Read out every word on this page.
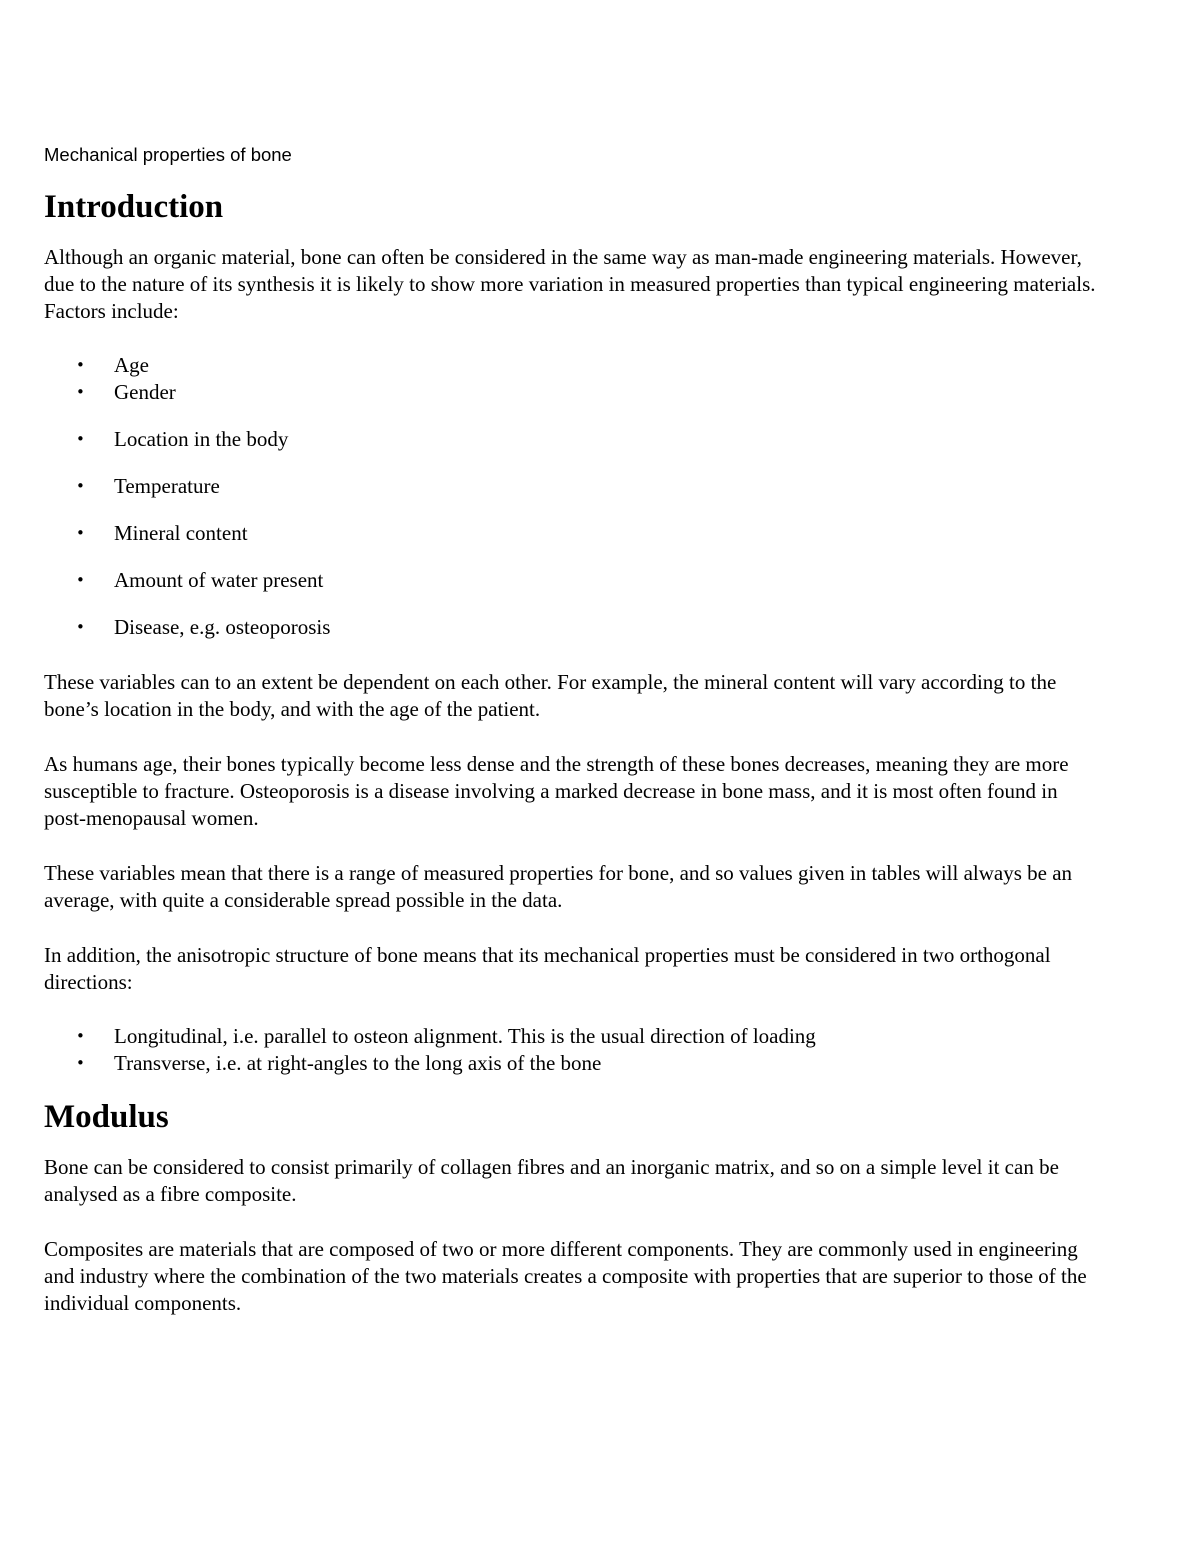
Mechanical properties of bone

Introduction

Although an organic material, bone can often be considered in the same way as man-made engineering materials. However, due to the nature of its synthesis it is likely to show more variation in measured properties than typical engineering materials. Factors include:

• Age
• Gender
• Location in the body
• Temperature
• Mineral content
• Amount of water present
• Disease, e.g. osteoporosis

These variables can to an extent be dependent on each other. For example, the mineral content will vary according to the bone’s location in the body, and with the age of the patient.

As humans age, their bones typically become less dense and the strength of these bones decreases, meaning they are more susceptible to fracture. Osteoporosis is a disease involving a marked decrease in bone mass, and it is most often found in post-menopausal women.

These variables mean that there is a range of measured properties for bone, and so values given in tables will always be an average, with quite a considerable spread possible in the data.

In addition, the anisotropic structure of bone means that its mechanical properties must be considered in two orthogonal directions:

• Longitudinal, i.e. parallel to osteon alignment. This is the usual direction of loading
• Transverse, i.e. at right-angles to the long axis of the bone
Modulus

Bone can be considered to consist primarily of collagen fibres and an inorganic matrix, and so on a simple level it can be analysed as a fibre composite.

Composites are materials that are composed of two or more different components. They are commonly used in engineering and industry where the combination of the two materials creates a composite with properties that are superior to those of the individual components.
